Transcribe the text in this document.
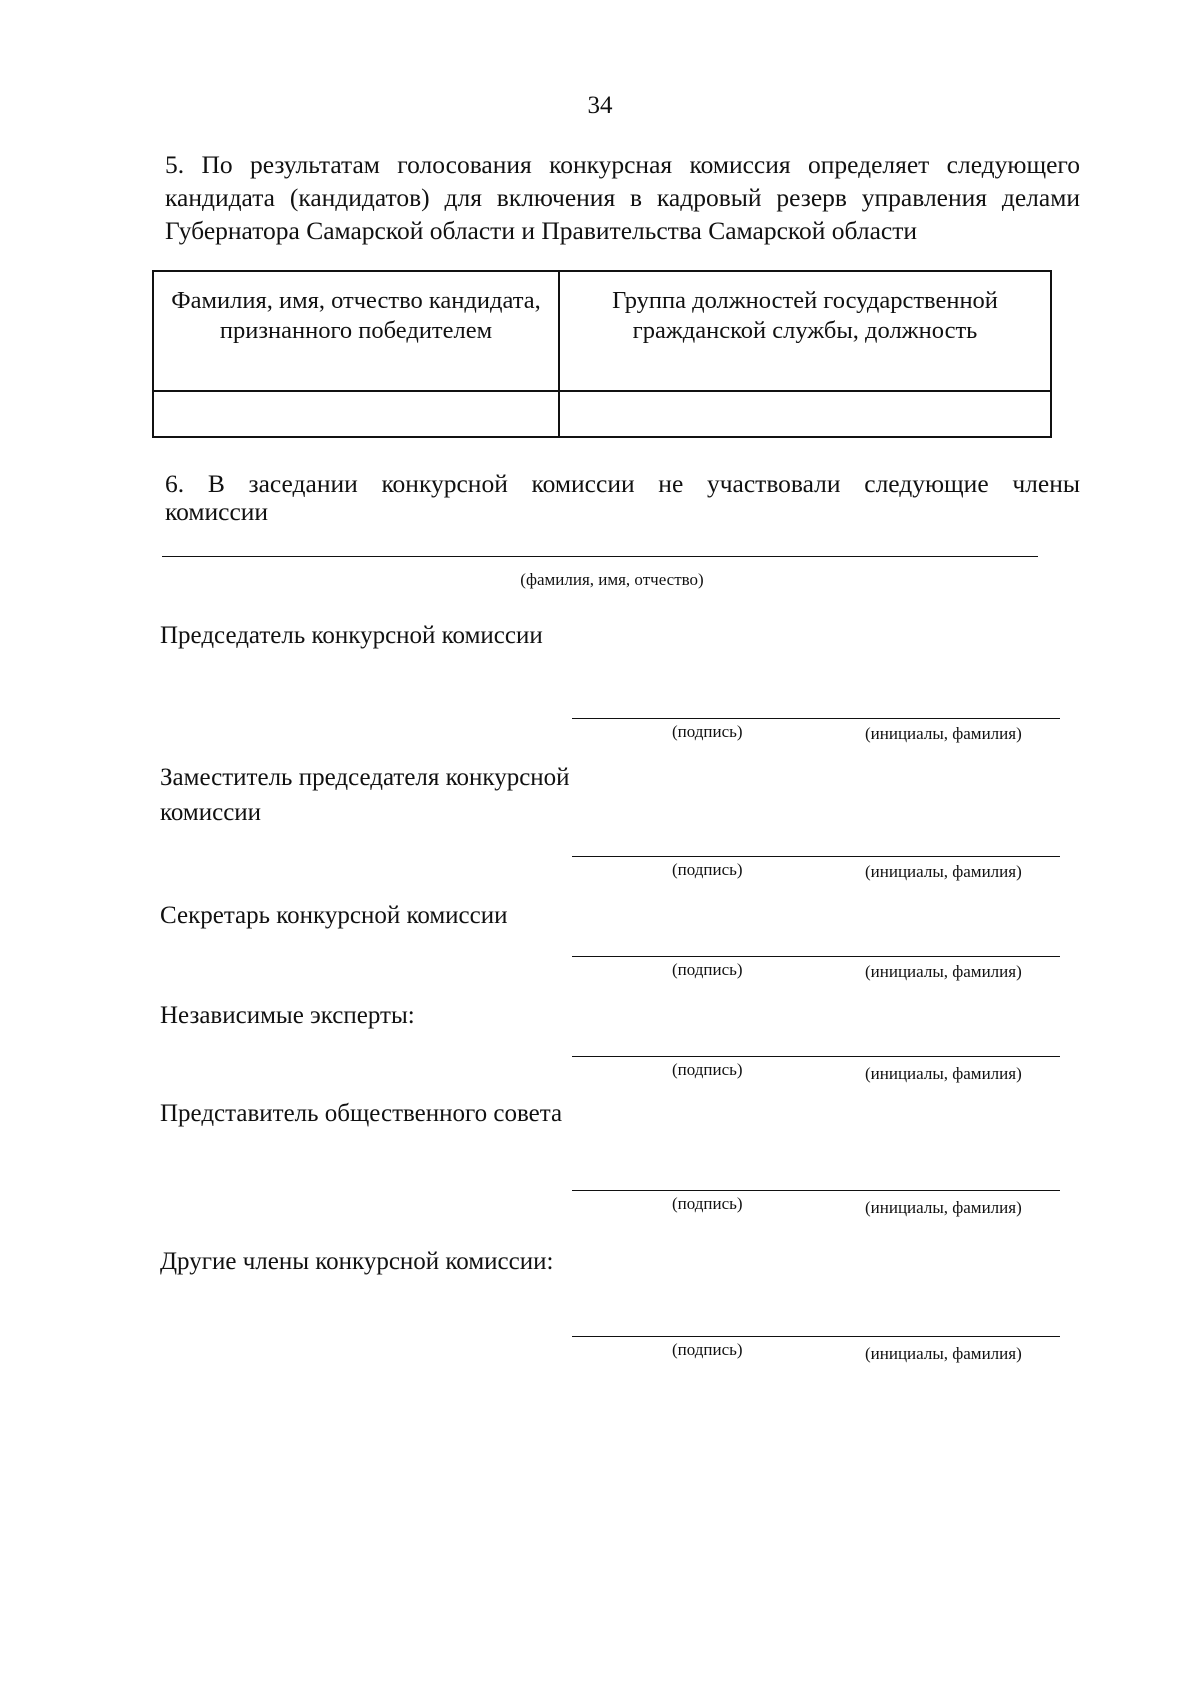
34
5. По результатам голосования конкурсная комиссия определяет следующего кандидата (кандидатов) для включения в кадровый резерв управления делами Губернатора Самарской области и Правительства Самарской области
Фамилия, имя, отчество кандидата, признанного победителем	Группа должностей государственной гражданской службы, должность

6. В заседании конкурсной комиссии не участвовали следующие члены комиссии
(фамилия, имя, отчество)
Председатель конкурсной комиссии
(подпись)	(инициалы, фамилия)
Заместитель председателя конкурсной комиссии
(подпись)	(инициалы, фамилия)
Секретарь конкурсной комиссии
(подпись)	(инициалы, фамилия)
Независимые эксперты:
(подпись)	(инициалы, фамилия)
Представитель общественного совета
(подпись)	(инициалы, фамилия)
Другие члены конкурсной комиссии:
(подпись)	(инициалы, фамилия)
